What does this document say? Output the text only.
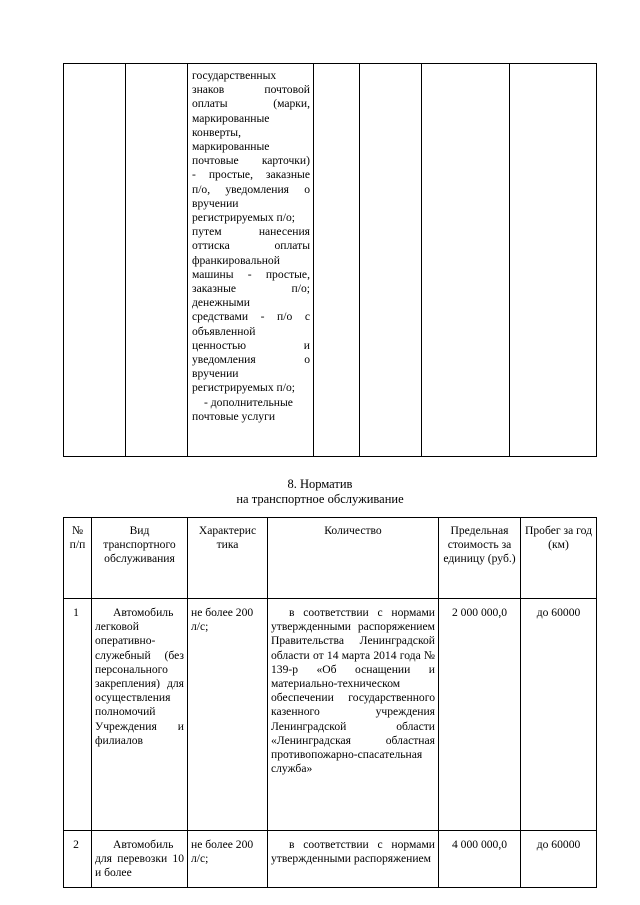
государственных
знаков	почтовой
оплаты	(марки,
маркированные
конверты,
маркированные
почтовые карточки)
- простые, заказные
п/о, уведомления о
вручении
регистрируемых п/о;
путем	нанесения
оттиска	оплаты
франкировальной
машины - простые,
заказные	п/о;
денежными
средствами - п/о с
объявленной
ценностью	и
уведомления	о
вручении
регистрируемых п/о;
- дополнительные
почтовые услуги

8. Норматив
на транспортное обслуживание
№ п/п	Вид транспортного обслуживания	Характерис тика	Количество	Предельная стоимость за единицу (руб.)	Пробег за год (км)
1	Автомобиль легковой оперативно-служебный (без персонального закрепления) для осуществления полномочий Учреждения и филиалов	не более 200 л/с;	в соответствии с нормами утвержденными распоряжением Правительства Ленинградской области от 14 марта 2014 года № 139-р «Об оснащении и материально-техническом обеспечении государственного казенного учреждения Ленинградской области «Ленинградская областная противопожарно-спасательная служба»	2 000 000,0	до 60000
2	Автомобиль для перевозки 10 и более	не более 200 л/с;	в соответствии с нормами утвержденными распоряжением	4 000 000,0	до 60000
